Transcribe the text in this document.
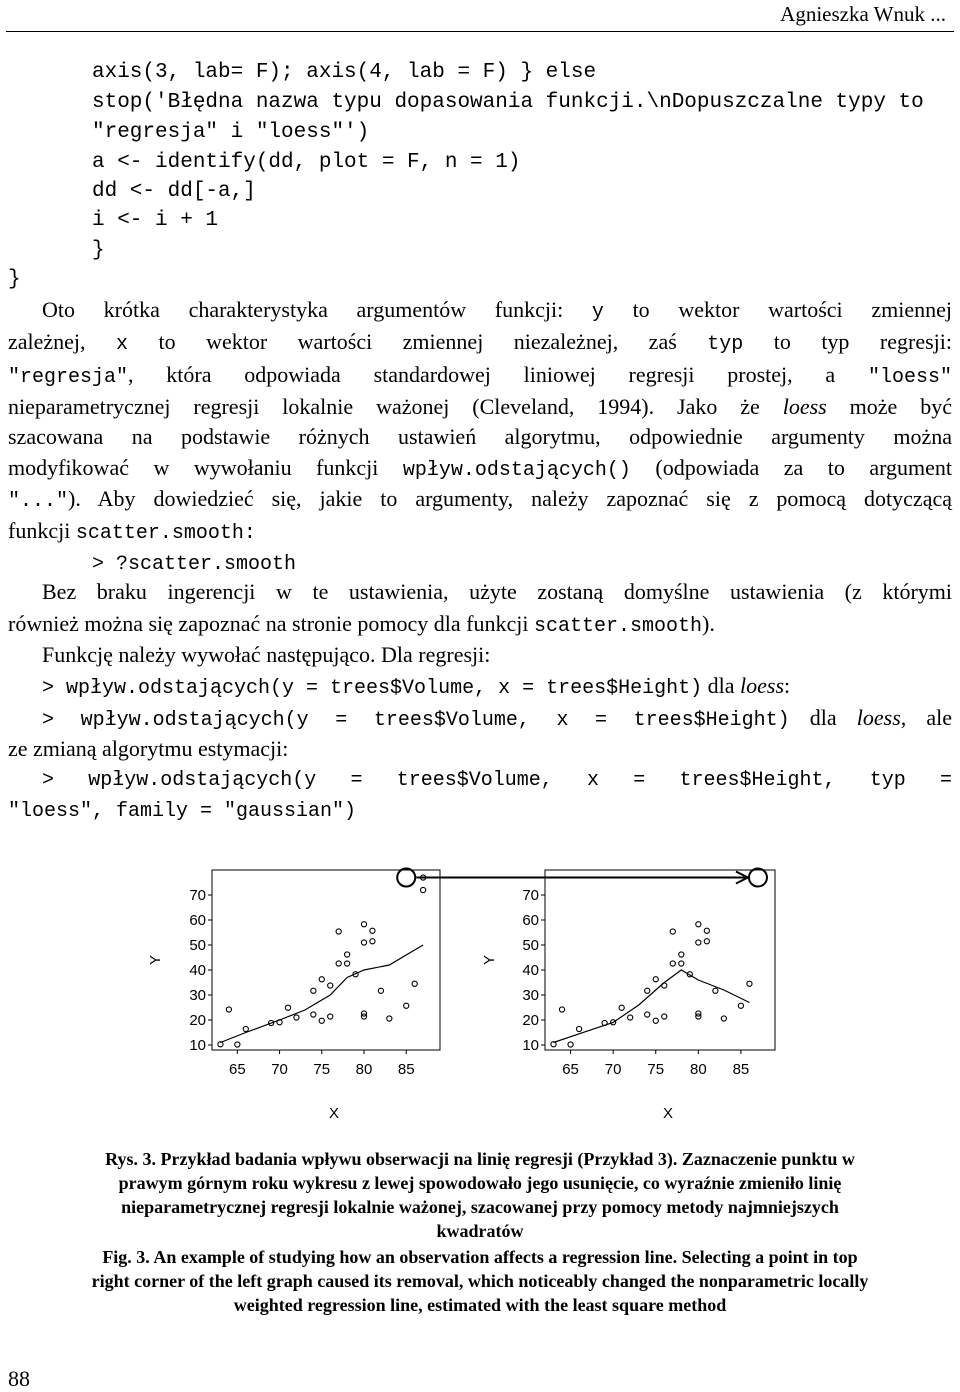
Agnieszka Wnuk ...
axis(3, lab= F); axis(4, lab = F) } else
stop('Błędna nazwa typu dopasowania funkcji.\nDopuszczalne typy to
"regresja" i "loess"')
a <- identify(dd, plot = F, n = 1)
dd <- dd[-a,]
i <- i + 1
}
}
Oto krótka charakterystyka argumentów funkcji: y to wektor wartości zmiennej
zależnej, x to wektor wartości zmiennej niezależnej, zaś typ to typ regresji:
"regresja", która odpowiada standardowej liniowej regresji prostej, a "loess"
nieparametrycznej regresji lokalnie ważonej (Cleveland, 1994). Jako że loess może być
szacowana na podstawie różnych ustawień algorytmu, odpowiednie argumenty można
modyfikować w wywołaniu funkcji wpływ.odstających() (odpowiada za to argument
"..."). Aby dowiedzieć się, jakie to argumenty, należy zapoznać się z pomocą dotyczącą
funkcji scatter.smooth:
> ?scatter.smooth
Bez braku ingerencji w te ustawienia, użyte zostaną domyślne ustawienia (z którymi
również można się zapoznać na stronie pomocy dla funkcji scatter.smooth).
Funkcję należy wywołać następująco. Dla regresji:
> wpływ.odstających(y = trees$Volume, x = trees$Height) dla loess:
> wpływ.odstających(y = trees$Volume, x = trees$Height) dla loess, ale
ze zmianą algorytmu estymacji:
> wpływ.odstających(y = trees$Volume, x = trees$Height, typ =
"loess", family = "gaussian")
10
20
30
40
50
60
70
65 70 75 80 85
X
Y
10
20
30
40
50
60
70
65 70 75 80 85
X
Y
Rys. 3. Przykład badania wpływu obserwacji na linię regresji (Przykład 3). Zaznaczenie punktu w
prawym górnym roku wykresu z lewej spowodowało jego usunięcie, co wyraźnie zmieniło linię
nieparametrycznej regresji lokalnie ważonej, szacowanej przy pomocy metody najmniejszych
kwadratów
Fig. 3. An example of studying how an observation affects a regression line. Selecting a point in top
right corner of the left graph caused its removal, which noticeably changed the nonparametric locally
weighted regression line, estimated with the least square method
88
